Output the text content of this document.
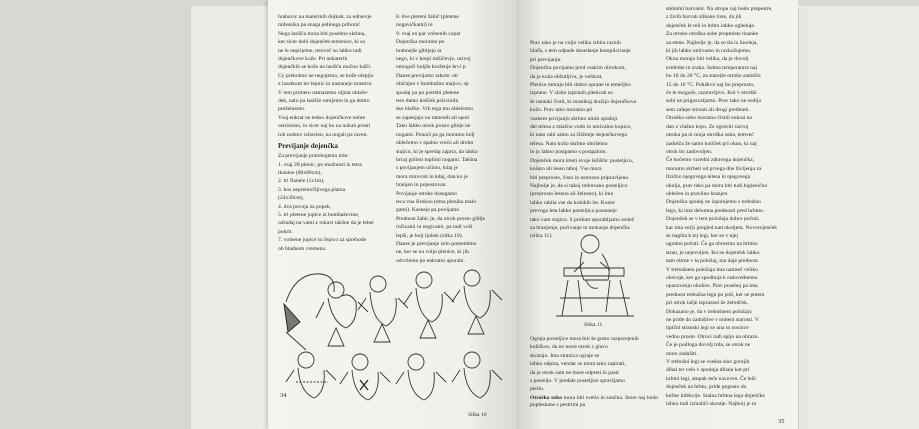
hrabavic na materinih dojkah, za odrsevje

mileasika pa snaga jedinega pribora!

Nega lasišča mora biti posebno skrbna,

ker sicer dobi dojenček temenice, ki so

ne le neprijetne, temveč so lahko tudi

dojenčkove kože. Pri nekaterih

dojenčkih se kože na lasišču močno lušči.

Cy prekobno ne negujemo, se kože olepijo

z lasatkom ter lepnic in nastanejo krastice.

V tem primeru namazemo oljnat oblače-

dek, nato pa lasišče umijemo in ga dobro

preželnemo.

Vsaj enkrat ne tedno dojenčkove nohte

ostrizemo, in sicer naj bo na nokah prosti

rob nohtov izboclen, na nogah pa raven.

Previjanje dojenčka

Za previjanje potrebujemo tole:

1. vsaj 20 plenic, po možnosti iz tetra

tkanine (80x80cm),

2. tri flanele (1x1m),

3. kos nepremočljivega platna

(24x30cm),

4. dva povoja za popek,

5. tri pletene jopice iz bombaževine,

odradaj na vami z rokavi takšne da je lebel

pokrit.

7. volnene jopice in čepico za sprehode

ob hladnem vremenu.

8. dve pletení žabič (pletene

nogavičkami) in

9. vsaj en par volnenih copat

Dojenčka moramo po

hrabnejše gibljejo ta

nego, ki v krepi mišičevje, razvoj

omogoči boljše kroženje krvi p

Danes previjamo takole: otr

običajno v bombažno majico, sp

spodaj pa po potrebi pletene

tere damo košček poliviniln

ske hlačke. Vrh tega mu oblečemo

se zapenjajo na ramenih ali spod

Tako lahko otrok prosto giblje ne

nogami. Ponoči pa ga moramo bolj

oblečemo v spalno vrečo ali drobn

stajico, ki je spredaj zaprta, da lahko

brcaj gólimi toplimi nogami. Takšna

s povijanjem učimo, kdaj je

mora mirovati in kdaj, dan ko je

branjen in popestovan.

Povijanje otroke dosegamo

teca vna širokoo (mna plenika malo

gami). Kasneje pa povijamo

Prednost žabic je, da otrok prosto giblje

ročicami in nogicami, pa tudi voši

lepši, je bolj ljubek (slika 10).

Danes je previjanje zelo pomembno

ne, ker se na voljo plenice, ki jih

odvržemo po enkratni uporabi.

Slika 10
34

Prav tako je na voljo velika izbira raznih

hlačk, s tem odpade dosedanje kompliciranje

pri previjanju.

Dojenčka povijamo pred vsakim obrokom,

da je koža občutljiva, je večkrat.

Plenice morajo biti dobro oprane in temeljito

izprane. V slabo izpranih plenicah so

še ostanki čistil, ki mastikaj dražijo dojenčkovo

kožo. Prav tako moramo pri

vsakem povijanju skrbno umiti spodnji

del telesa z mlačno vodo in umivalno kopico,

ki nam rabi samo za čiščenje dojenčkovega

telesa. Nato kožo skrbno obrišemo

in jo lahno posipamo s posipalom.

Dojenček mora imeti svoje ležišče: posteljico,

košaro ali lesen taboj. Vse mora

biti preprosto, čisto in ustrezno pripravljeno.

Najbolje je, da si takoj trebuvano posteljico

(preprosto leseno ali železno), ki ima

lahko rabila vse do kokikih let. Konec

prevoga leta lahko posteljica postaneje

tako vam stajico. S pridom uporabljamo stoleč

za branjenje, počivanje in mokanje dojenčka

(slika 11).

Slika 11

Ograja posteljice mora biti še gosto razporejenih

količkov, da ne more otrok z glavo

skoznjo. Ima stranica ograje se

lahko odpira, vendar se mora tako zapirati,

da je otrok sam ne more odpreti in pasti

s posteljo. V predale posteljice spravljamo

perilo.

Otroška soba mora biti svetla in sončna. Store naj bodo popleskane s pestrimi pa

stelnimi barvami. Na stropu naj bodo prepestre,

z živih barvah slikane riste, da jih

dojenček le reli in hrbtu lahko ogleduje.

Za otroke otroška sobe prepmiste risanke

za stene. Najbolje je, da so tla iz linoleja,

ki jih lahko umivamo in razkužujemo.

Okna morajo biti velika, da je dovolj

svetlobe in zraka. Sobna temperatura naj

bo 18 do 20 °C, za starejše otroke zadošča

15 do 16 °C. Pohištvo naj bo preprosto,

če le mogoče, razstavljivo. Kot v otroški

sobi ne prigosvaljamo. Prav tako ne sodijo

sem zalepe stirsati ali drugi predmeti.

Otroško sobo moramo čistiti enkrat na

dan z vlažno krpo. Ze zgraviti razvoj

otroka pa ni mnja otroška soba, temveč

zadošča že samo kotiček pri oknu, ki naj

otrok bo zadovoljen.

Če hočemo vzredni zdravega dojenčka,

moramo skrbeti od prvega dne življenja za

fizično njegovega telesa in njegovega

okolja, prav tako pa mora biti tudi higienično

oblečen in pravilno hranjen.

Dojenčka spodaj ne izpolnjemo s trebušno

lego, ki ima delomna prednosti pred hrbtno.

Dojenček se v tem položaju dobro počuti,

kar ima večji pregled nad okoljem. Novorojenček

se nagiba k tej legi, ker se v njej

ugodno počuti. Če ga obrnemo na hrbtno

stran, je nejevoljen. Ko se dojenček lahko

sam obrne v ta položaj, ma daje prednost.

V trebušnem položaja ima namreč veliko

obsvoje, ker ga spodbuja k radovednemu

opazovanju okolice. Prav posebej pa ima

prednost trebušna lega po jedi, ker se potem

pri otrok lažje izpraznei že želodček.

Dokazano je, da v trebušnem položaju

ne pride do zadušitve v nobeni starosti. V

tipični stranski legi se una in nosnice

vedno proste. Otroci radi spijo na obrazu.

Če je podloga dovolj trda, se otrok ne

more zadušiti.

V trebušni legi se vsešna sluz gornjih

dihal ter celo v spodnja dihala kot pri

hrbtni legi, ampak teče navzven. Če leži

dojenček na hrbtu, pride pogosto do

kežne infekcije. Stalna hrbtna lega dojenčka

lahko tudi izmaliči okostje. Najbolj je to

35
